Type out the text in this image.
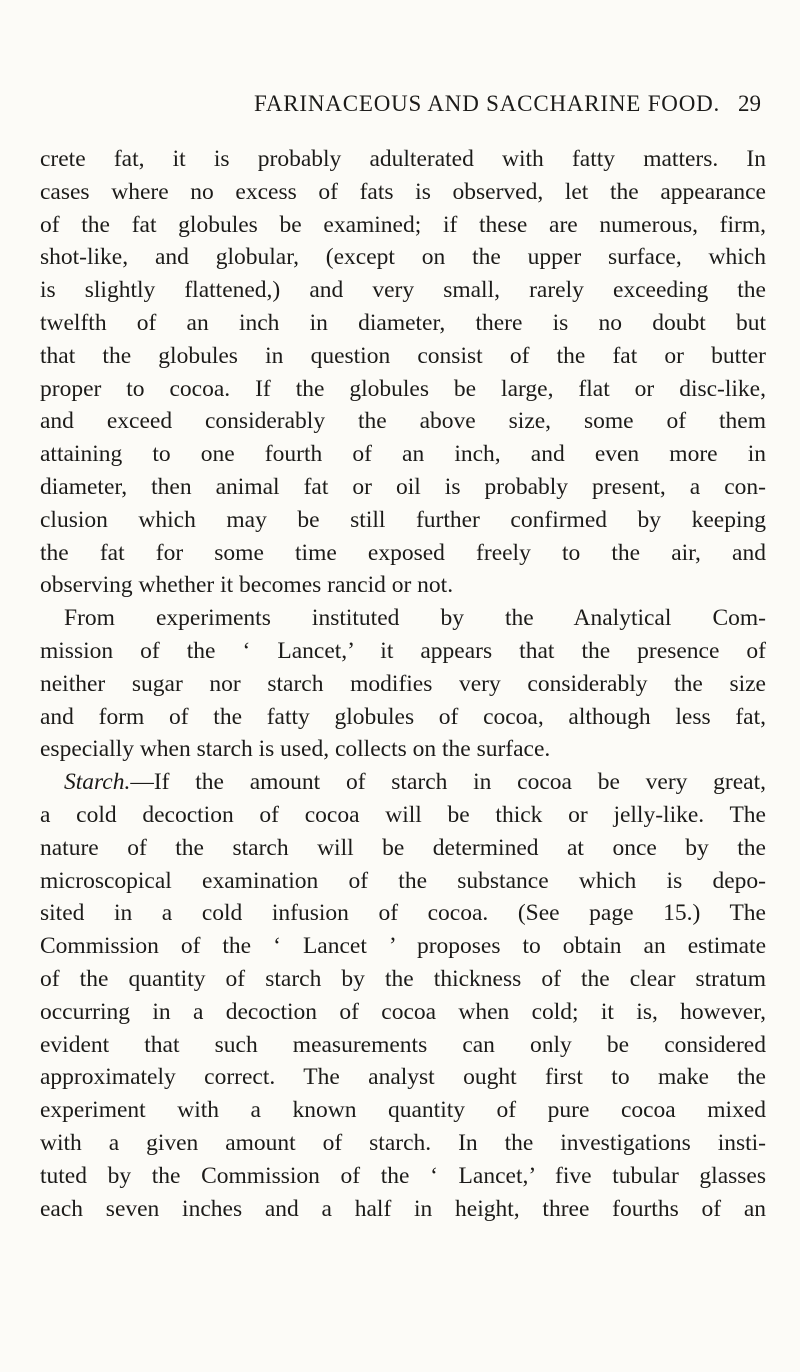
FARINACEOUS AND SACCHARINE FOOD. 29
crete fat, it is probably adulterated with fatty matters. In
cases where no excess of fats is observed, let the appearance
of the fat globules be examined; if these are numerous, firm,
shot-like, and globular, (except on the upper surface, which
is slightly flattened,) and very small, rarely exceeding the
twelfth of an inch in diameter, there is no doubt but
that the globules in question consist of the fat or butter
proper to cocoa. If the globules be large, flat or disc-like,
and exceed considerably the above size, some of them
attaining to one fourth of an inch, and even more in
diameter, then animal fat or oil is probably present, a con-
clusion which may be still further confirmed by keeping
the fat for some time exposed freely to the air, and
observing whether it becomes rancid or not.
From experiments instituted by the Analytical Com-
mission of the ‘ Lancet,’ it appears that the presence of
neither sugar nor starch modifies very considerably the size
and form of the fatty globules of cocoa, although less fat,
especially when starch is used, collects on the surface.
Starch.—If the amount of starch in cocoa be very great,
a cold decoction of cocoa will be thick or jelly-like. The
nature of the starch will be determined at once by the
microscopical examination of the substance which is depo-
sited in a cold infusion of cocoa. (See page 15.) The
Commission of the ‘ Lancet ’ proposes to obtain an estimate
of the quantity of starch by the thickness of the clear stratum
occurring in a decoction of cocoa when cold; it is, however,
evident that such measurements can only be considered
approximately correct. The analyst ought first to make the
experiment with a known quantity of pure cocoa mixed
with a given amount of starch. In the investigations insti-
tuted by the Commission of the ‘ Lancet,’ five tubular glasses
each seven inches and a half in height, three fourths of an
